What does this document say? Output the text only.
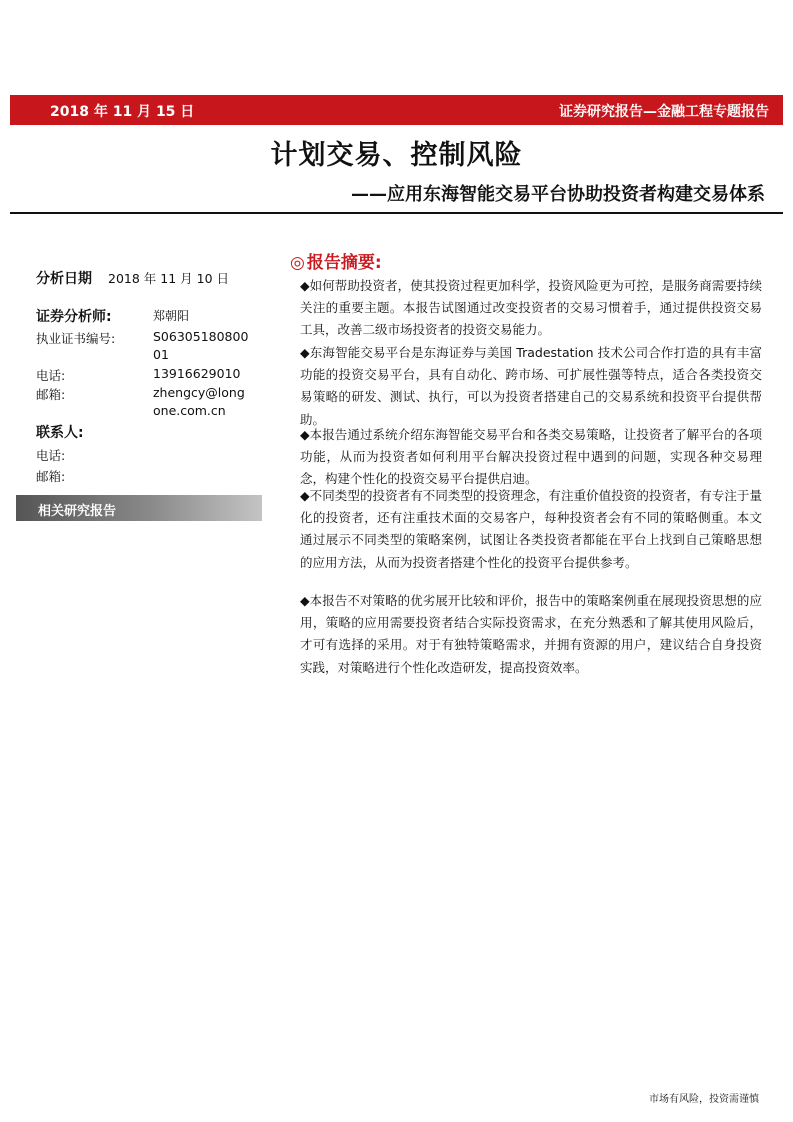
2018 年 11 月 15 日	证券研究报告—金融工程专题报告
计划交易、控制风险
——应用东海智能交易平台协助投资者构建交易体系
分析日期 2018 年 11 月 10 日
证券分析师:	郑朝阳
执业证书编号:	S06305180800
01
电话:	13916629010
邮箱:	zhengcy@long
one.com.cn
联系人:
电话:
邮箱:
相关研究报告
◎ 报告摘要:
◆如何帮助投资者，使其投资过程更加科学，投资风险更为可控，是服务商需要持续关注的重要主题。本报告试图通过改变投资者的交易习惯着手，通过提供投资交易工具，改善二级市场投资者的投资交易能力。
◆东海智能交易平台是东海证券与美国 Tradestation 技术公司合作打造的具有丰富功能的投资交易平台，具有自动化、跨市场、可扩展性强等特点，适合各类投资交易策略的研发、测试、执行，可以为投资者搭建自己的交易系统和投资平台提供帮助。
◆本报告通过系统介绍东海智能交易平台和各类交易策略，让投资者了解平台的各项功能，从而为投资者如何利用平台解决投资过程中遇到的问题，实现各种交易理念，构建个性化的投资交易平台提供启迪。
◆不同类型的投资者有不同类型的投资理念，有注重价值投资的投资者，有专注于量化的投资者，还有注重技术面的交易客户，每种投资者会有不同的策略侧重。本文通过展示不同类型的策略案例，试图让各类投资者都能在平台上找到自己策略思想的应用方法，从而为投资者搭建个性化的投资平台提供参考。
◆本报告不对策略的优劣展开比较和评价，报告中的策略案例重在展现投资思想的应用，策略的应用需要投资者结合实际投资需求，在充分熟悉和了解其使用风险后，才可有选择的采用。对于有独特策略需求，并拥有资源的用户，建议结合自身投资实践，对策略进行个性化改造研发，提高投资效率。
市场有风险，投资需谨慎
